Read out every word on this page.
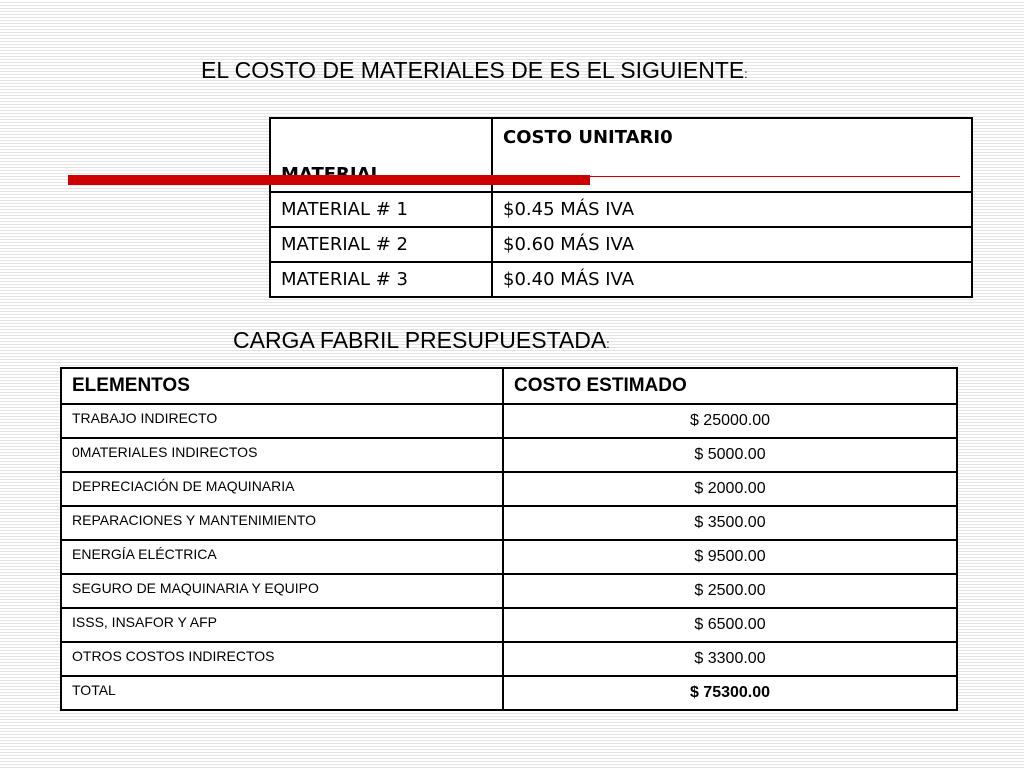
EL COSTO DE MATERIALES DE ES EL SIGUIENTE:
	COSTO UNITARI0
MATERIAL # 1	$0.45 MÁS IVA
MATERIAL # 2	$0.60 MÁS IVA
MATERIAL # 3	$0.40 MÁS IVA
CARGA FABRIL PRESUPUESTADA:
ELEMENTOS	COSTO ESTIMADO
TRABAJO INDIRECTO	$ 25000.00
0MATERIALES INDIRECTOS	$ 5000.00
DEPRECIACIÓN DE MAQUINARIA	$ 2000.00
REPARACIONES Y MANTENIMIENTO	$ 3500.00
ENERGÍA ELÉCTRICA	$ 9500.00
SEGURO DE MAQUINARIA Y EQUIPO	$ 2500.00
ISSS, INSAFOR Y AFP	$ 6500.00
OTROS COSTOS INDIRECTOS	$ 3300.00
TOTAL	$ 75300.00
